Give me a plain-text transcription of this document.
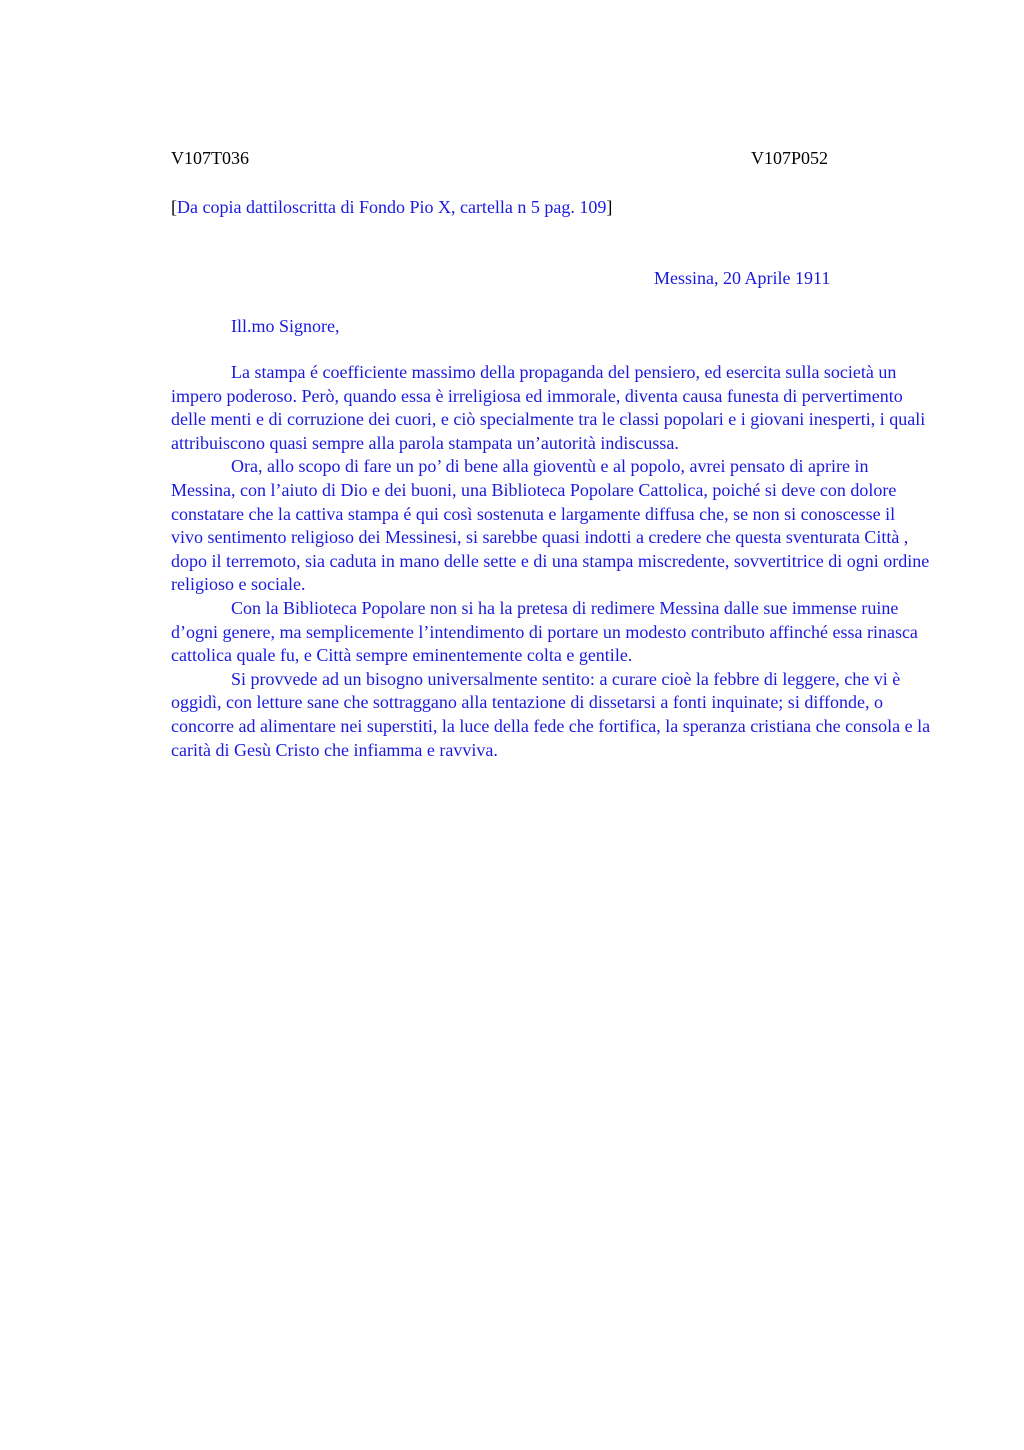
V107T036	V107P052
[Da copia dattiloscritta di Fondo Pio X, cartella n 5 pag. 109]
Messina, 20 Aprile 1911
Ill.mo Signore,

La stampa é coefficiente massimo della propaganda del pensiero, ed esercita sulla società un impero poderoso. Però, quando essa è irreligiosa ed immorale, diventa causa funesta di pervertimento delle menti e di corruzione dei cuori, e ciò specialmente tra le classi popolari e i giovani inesperti, i quali attribuiscono quasi sempre alla parola stampata un’autorità indiscussa.

Ora, allo scopo di fare un po’ di bene alla gioventù e al popolo, avrei pensato di aprire in Messina, con l’aiuto di Dio e dei buoni, una Biblioteca Popolare Cattolica, poiché si deve con dolore constatare che la cattiva stampa é qui così sostenuta e largamente diffusa che, se non si conoscesse il vivo sentimento religioso dei Messinesi, si sarebbe quasi indotti a credere che questa sventurata Città , dopo il terremoto, sia caduta in mano delle sette e di una stampa miscredente, sovvertitrice di ogni ordine religioso e sociale.

Con la Biblioteca Popolare non si ha la pretesa di redimere Messina dalle sue immense ruine d’ogni genere, ma semplicemente l’intendimento di portare un modesto contributo affinché essa rinasca cattolica quale fu, e Città sempre eminentemente colta e gentile.

Si provvede ad un bisogno universalmente sentito: a curare cioè la febbre di leggere, che vi è oggidì, con letture sane che sottraggano alla tentazione di dissetarsi a fonti inquinate; si diffonde, o concorre ad alimentare nei superstiti, la luce della fede che fortifica, la speranza cristiana che consola e la carità di Gesù Cristo che infiamma e ravviva.
